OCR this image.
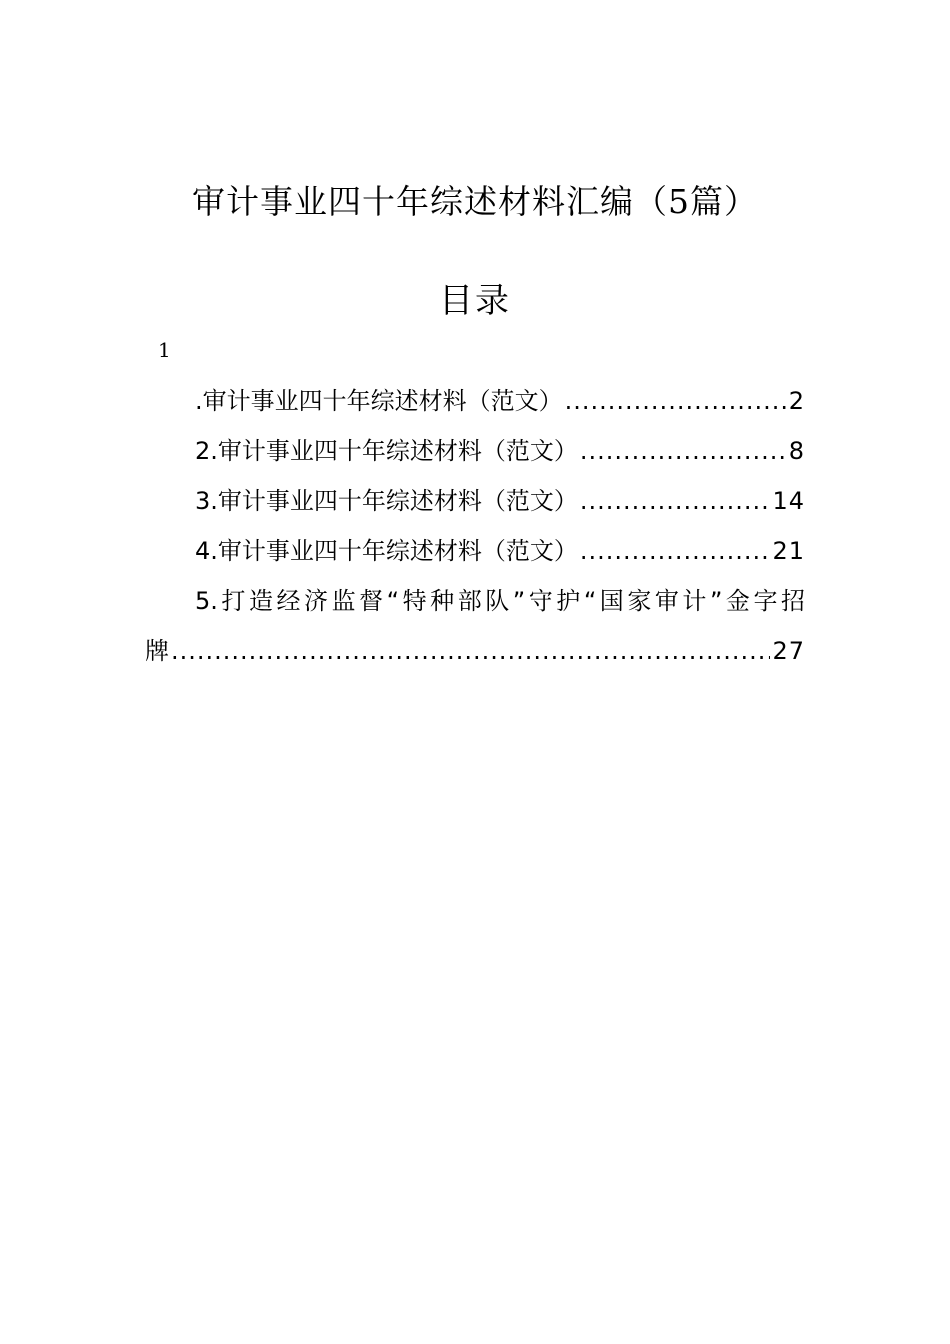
审计事业四十年综述材料汇编（5篇）
目录
1
.审计事业四十年综述材料（范文） .....	2
2.审计事业四十年综述材料（范文） .....	8
3.审计事业四十年综述材料（范文） .....	14
4.审计事业四十年综述材料（范文） .....	21
5.打造经济监督“特种部队”守护“国家审计”金字招
牌 .....	27
